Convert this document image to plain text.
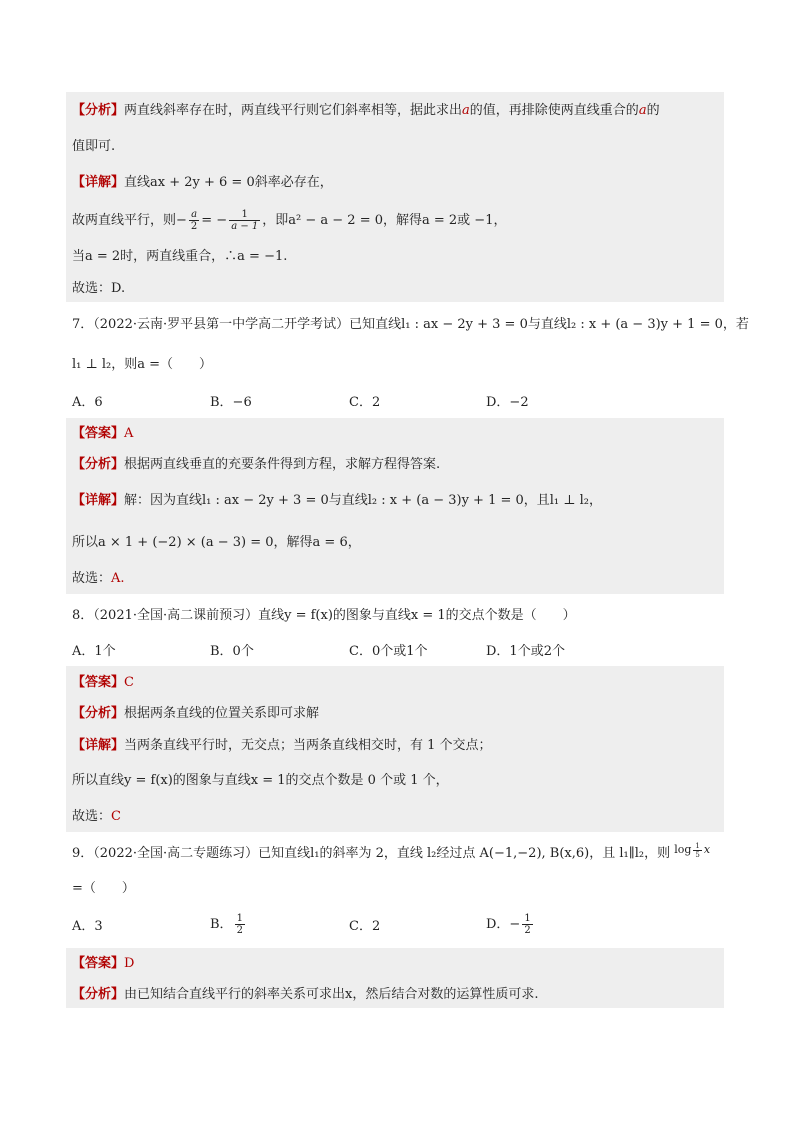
【分析】两直线斜率存在时，两直线平行则它们斜率相等，据此求出a的值，再排除使两直线重合的a的
值即可.
【详解】直线ax + 2y + 6 = 0斜率必存在，
故两直线平行，则− $\frac{a}{2}$ = − $\frac{1}{a - 1}$ ，即a² − a − 2 = 0，解得a = 2或 −1，
当a = 2时，两直线重合，∴a = −1.
故选：D.
7．（2022·云南·罗平县第一中学高二开学考试）已知直线l₁ : ax − 2y + 3 = 0与直线l₂ : x + (a − 3)y + 1 = 0，若
l₁ ⊥ l₂，则a =（　　）
A．6	B．−6	C．2	D．−2
【答案】A
【分析】根据两直线垂直的充要条件得到方程，求解方程得答案.
【详解】解：因为直线l₁ : ax − 2y + 3 = 0与直线l₂ : x + (a − 3)y + 1 = 0，且l₁ ⊥ l₂，
所以a × 1 + (−2) × (a − 3) = 0，解得a = 6，
故选：A.
8．（2021·全国·高二课前预习）直线y = f(x)的图象与直线x = 1的交点个数是（　　）
A．1个	B．0个	C．0个或1个	D．1个或2个
【答案】C
【分析】根据两条直线的位置关系即可求解
【详解】当两条直线平行时，无交点；当两条直线相交时，有 1 个交点；
所以直线y = f(x)的图象与直线x = 1的交点个数是 0 个或 1 个，
故选：C
9．（2022·全国·高二专题练习）已知直线l₁的斜率为 2，直线 l₂经过点 A(−1,−2), B(x,6)，且 l₁∥l₂，则 $\log \frac{1}{5}$ x
=（　　）
A．3	B． $\frac{1}{2}$	C．2	D．− $\frac{1}{2}$
【答案】D
【分析】由已知结合直线平行的斜率关系可求出x，然后结合对数的运算性质可求.
